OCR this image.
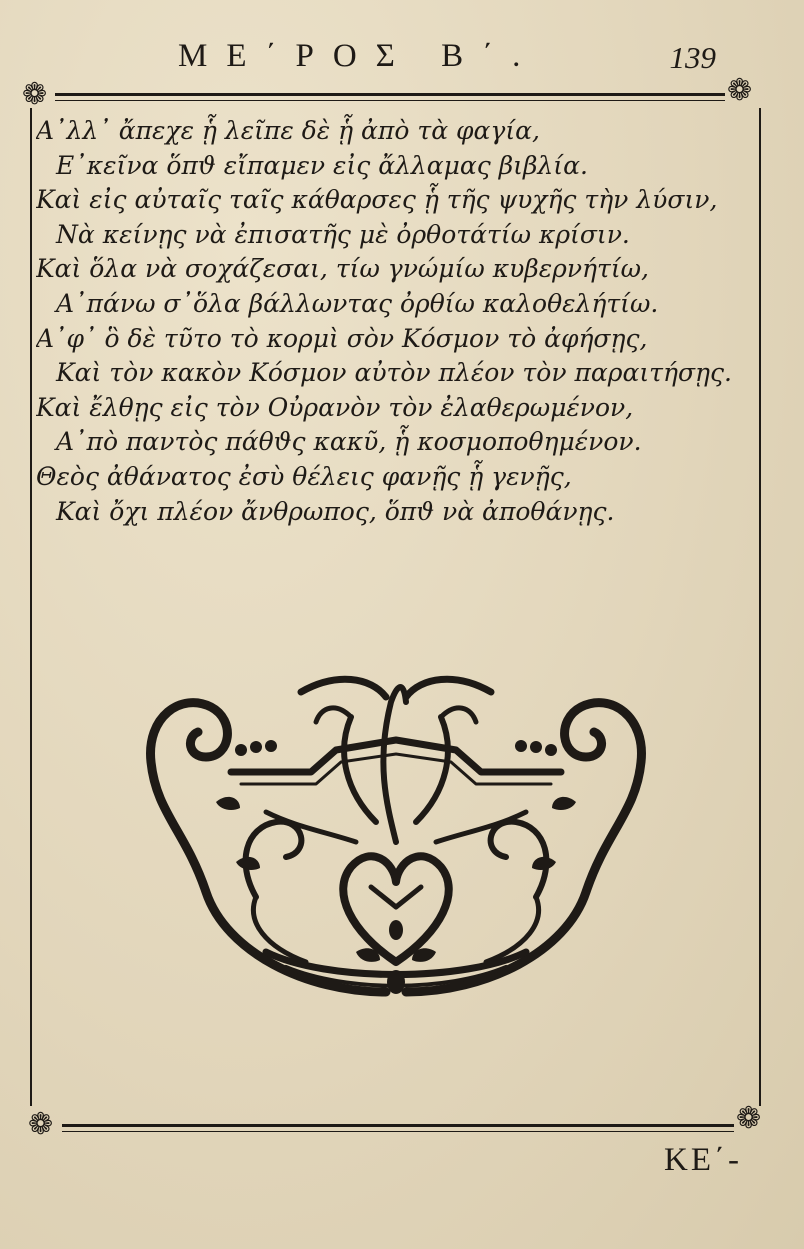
ΜΕ΄ΡΟΣ Β΄.	139
❁	❁
Α᾽λλ᾽ ἄπεχε ᾗ λεῖπε δὲ ᾗ ἀπὸ τὰ φαγία,
Ε᾽κεῖνα ὅπϑ εἴπαμεν εἰς ἄλλαμας βιβλία.
Καὶ εἰς αὐταῖς ταῖς κάθαρσες ᾗ τῆς ψυχῆς τὴν λύσιν,
Νὰ κείνῃς νὰ ἐπισατῆς μὲ ὀρθοτάτίω κρίσιν.
Καὶ ὅλα νὰ σοχάζεσαι, τίω γνώμίω κυβερνήτίω,
Α᾽πάνω σ᾽ὅλα βάλλωντας ὀρθίω καλοθελήτίω.
Α᾽φ᾽ ὃ δὲ τῦτο τὸ κορμὶ σὸν Κόσμον τὸ ἀφήσῃς,
Καὶ τὸν κακὸν Κόσμον αὐτὸν πλέον τὸν παραιτήσῃς.
Καὶ ἔλθῃς εἰς τὸν Οὐρανὸν τὸν ἐλαθερωμένον,
Α᾽πὸ παντὸς πάθϑς κακῦ, ᾗ κοσμοποθημένον.
Θεὸς ἀθάνατος ἐσὺ θέλεις φανῇς ᾗ γενῇς,
Καὶ ὄχι πλέον ἄνθρωπος, ὅπϑ νὰ ἀποθάνῃς.
❁	❁
ΚΕ΄-
